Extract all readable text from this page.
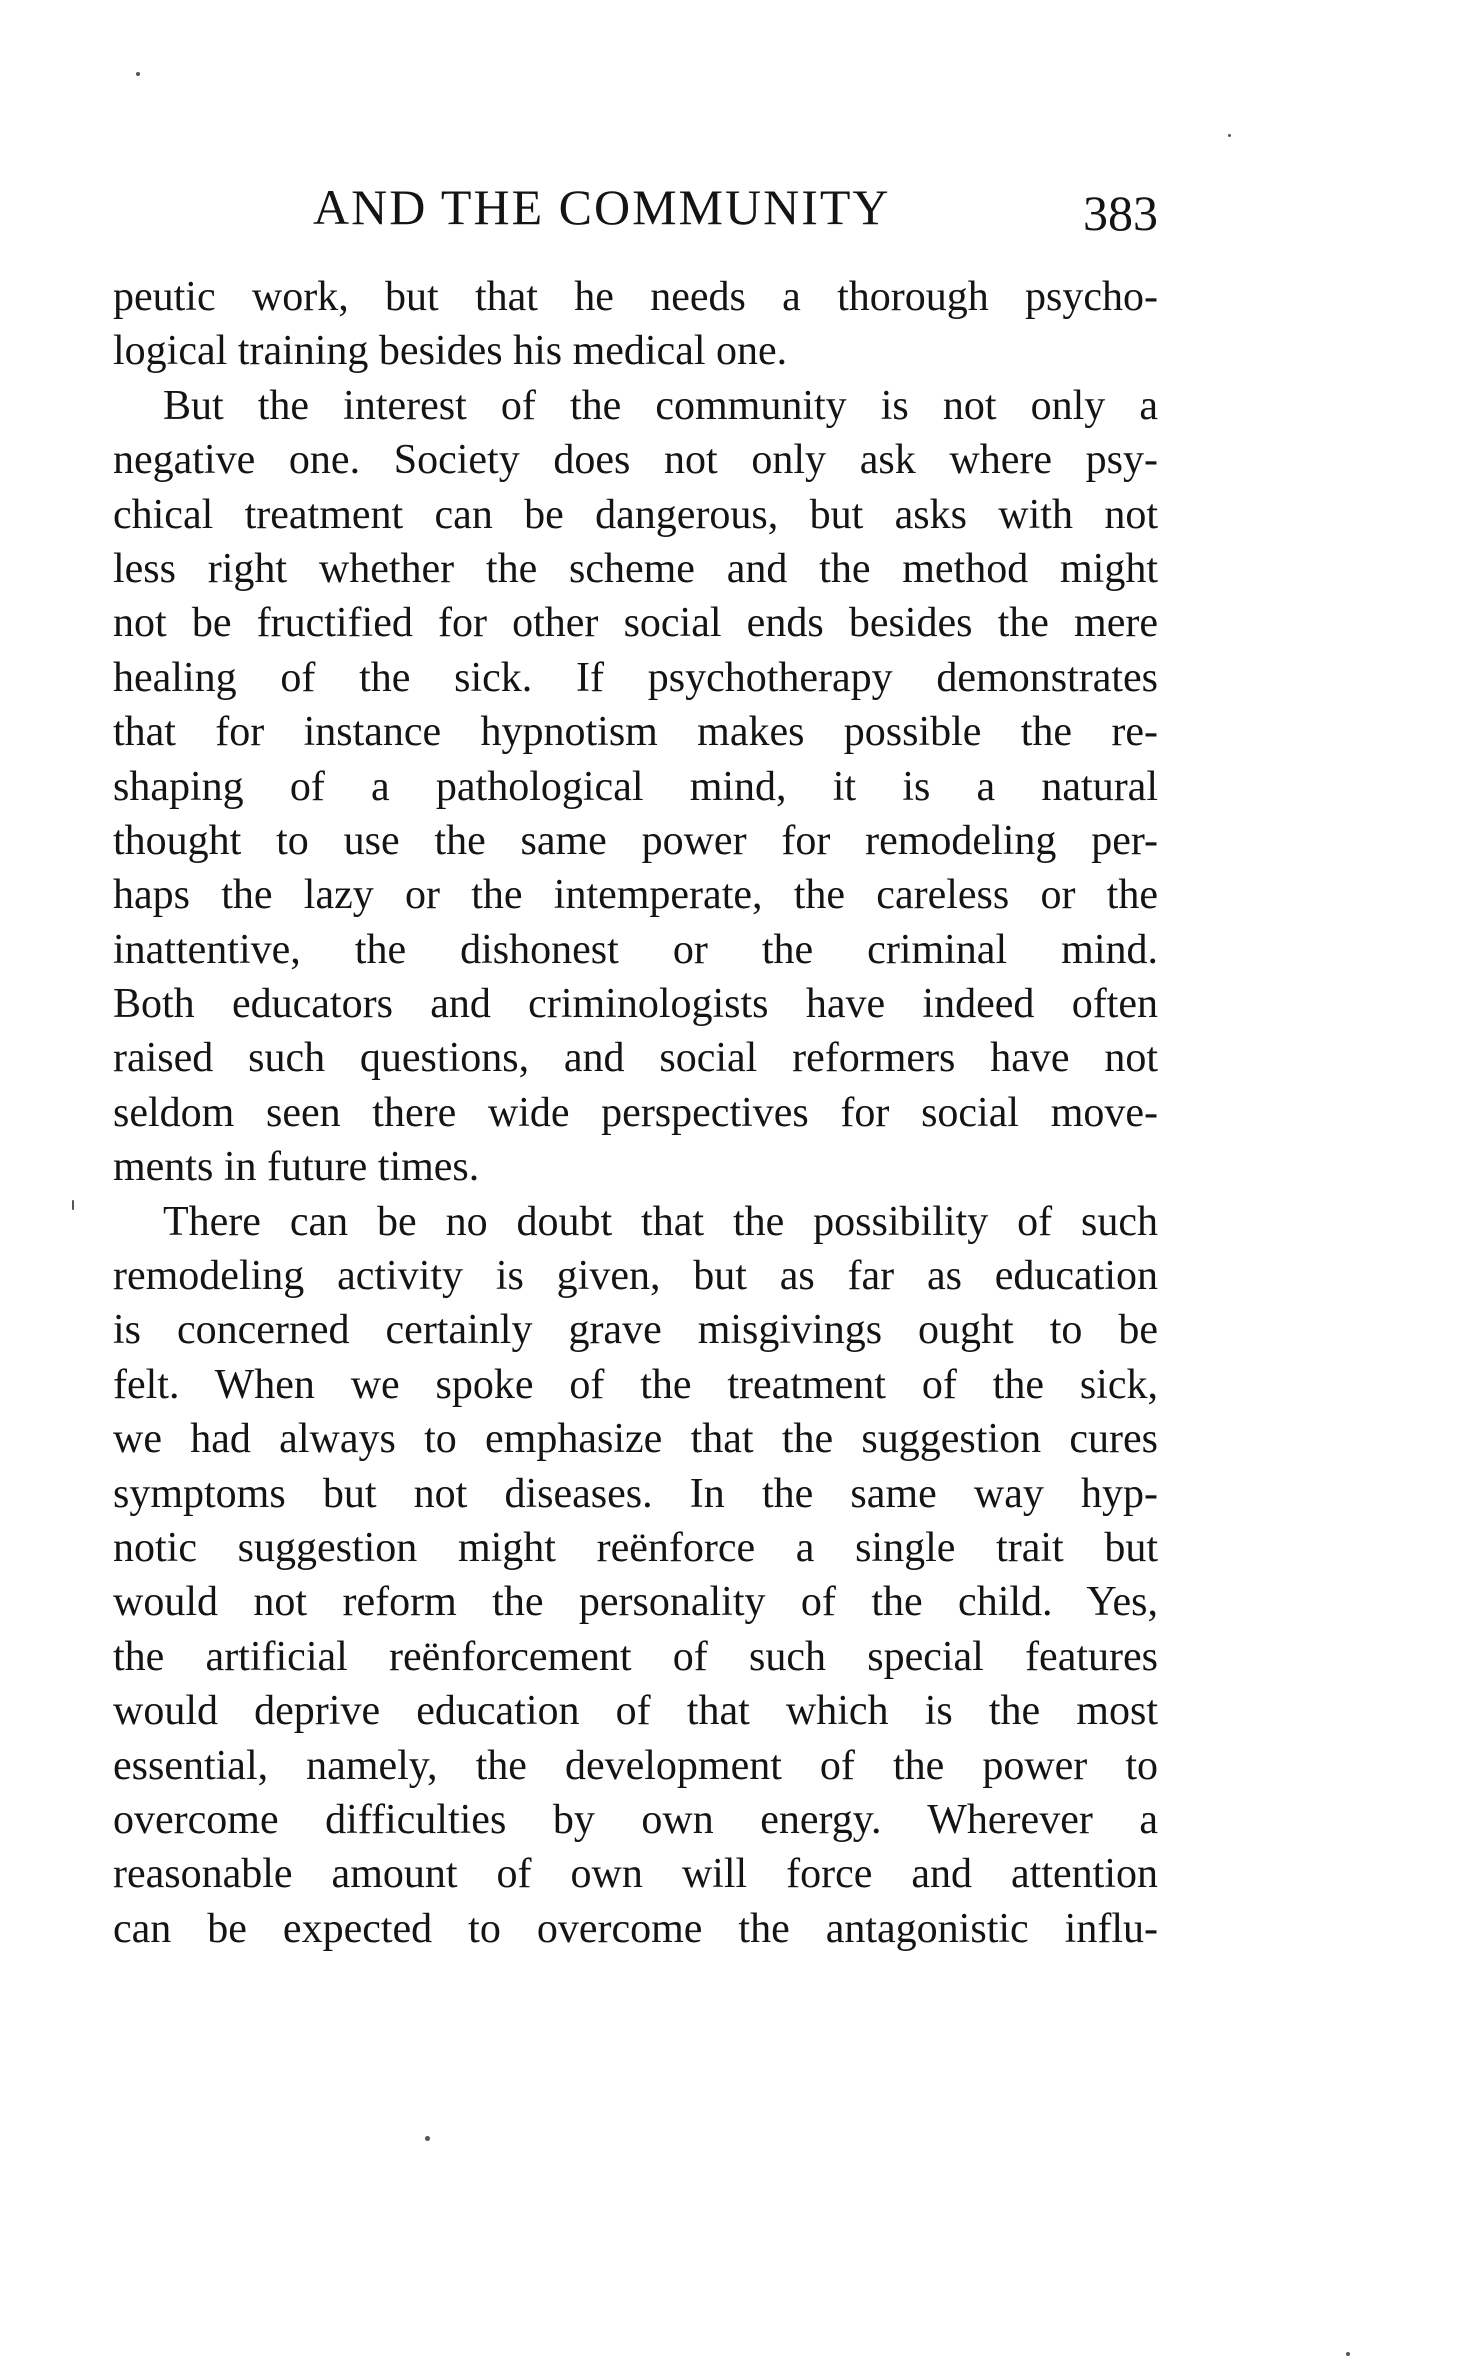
AND THE COMMUNITY	383
peutic work, but that he needs a thorough psycho-
logical training besides his medical one.
But the interest of the community is not only a
negative one. Society does not only ask where psy-
chical treatment can be dangerous, but asks with not
less right whether the scheme and the method might
not be fructified for other social ends besides the mere
healing of the sick. If psychotherapy demonstrates
that for instance hypnotism makes possible the re-
shaping of a pathological mind, it is a natural
thought to use the same power for remodeling per-
haps the lazy or the intemperate, the careless or the
inattentive, the dishonest or the criminal mind.
Both educators and criminologists have indeed often
raised such questions, and social reformers have not
seldom seen there wide perspectives for social move-
ments in future times.
There can be no doubt that the possibility of such
remodeling activity is given, but as far as education
is concerned certainly grave misgivings ought to be
felt. When we spoke of the treatment of the sick,
we had always to emphasize that the suggestion cures
symptoms but not diseases. In the same way hyp-
notic suggestion might reënforce a single trait but
would not reform the personality of the child. Yes,
the artificial reënforcement of such special features
would deprive education of that which is the most
essential, namely, the development of the power to
overcome difficulties by own energy. Wherever a
reasonable amount of own will force and attention
can be expected to overcome the antagonistic influ-
